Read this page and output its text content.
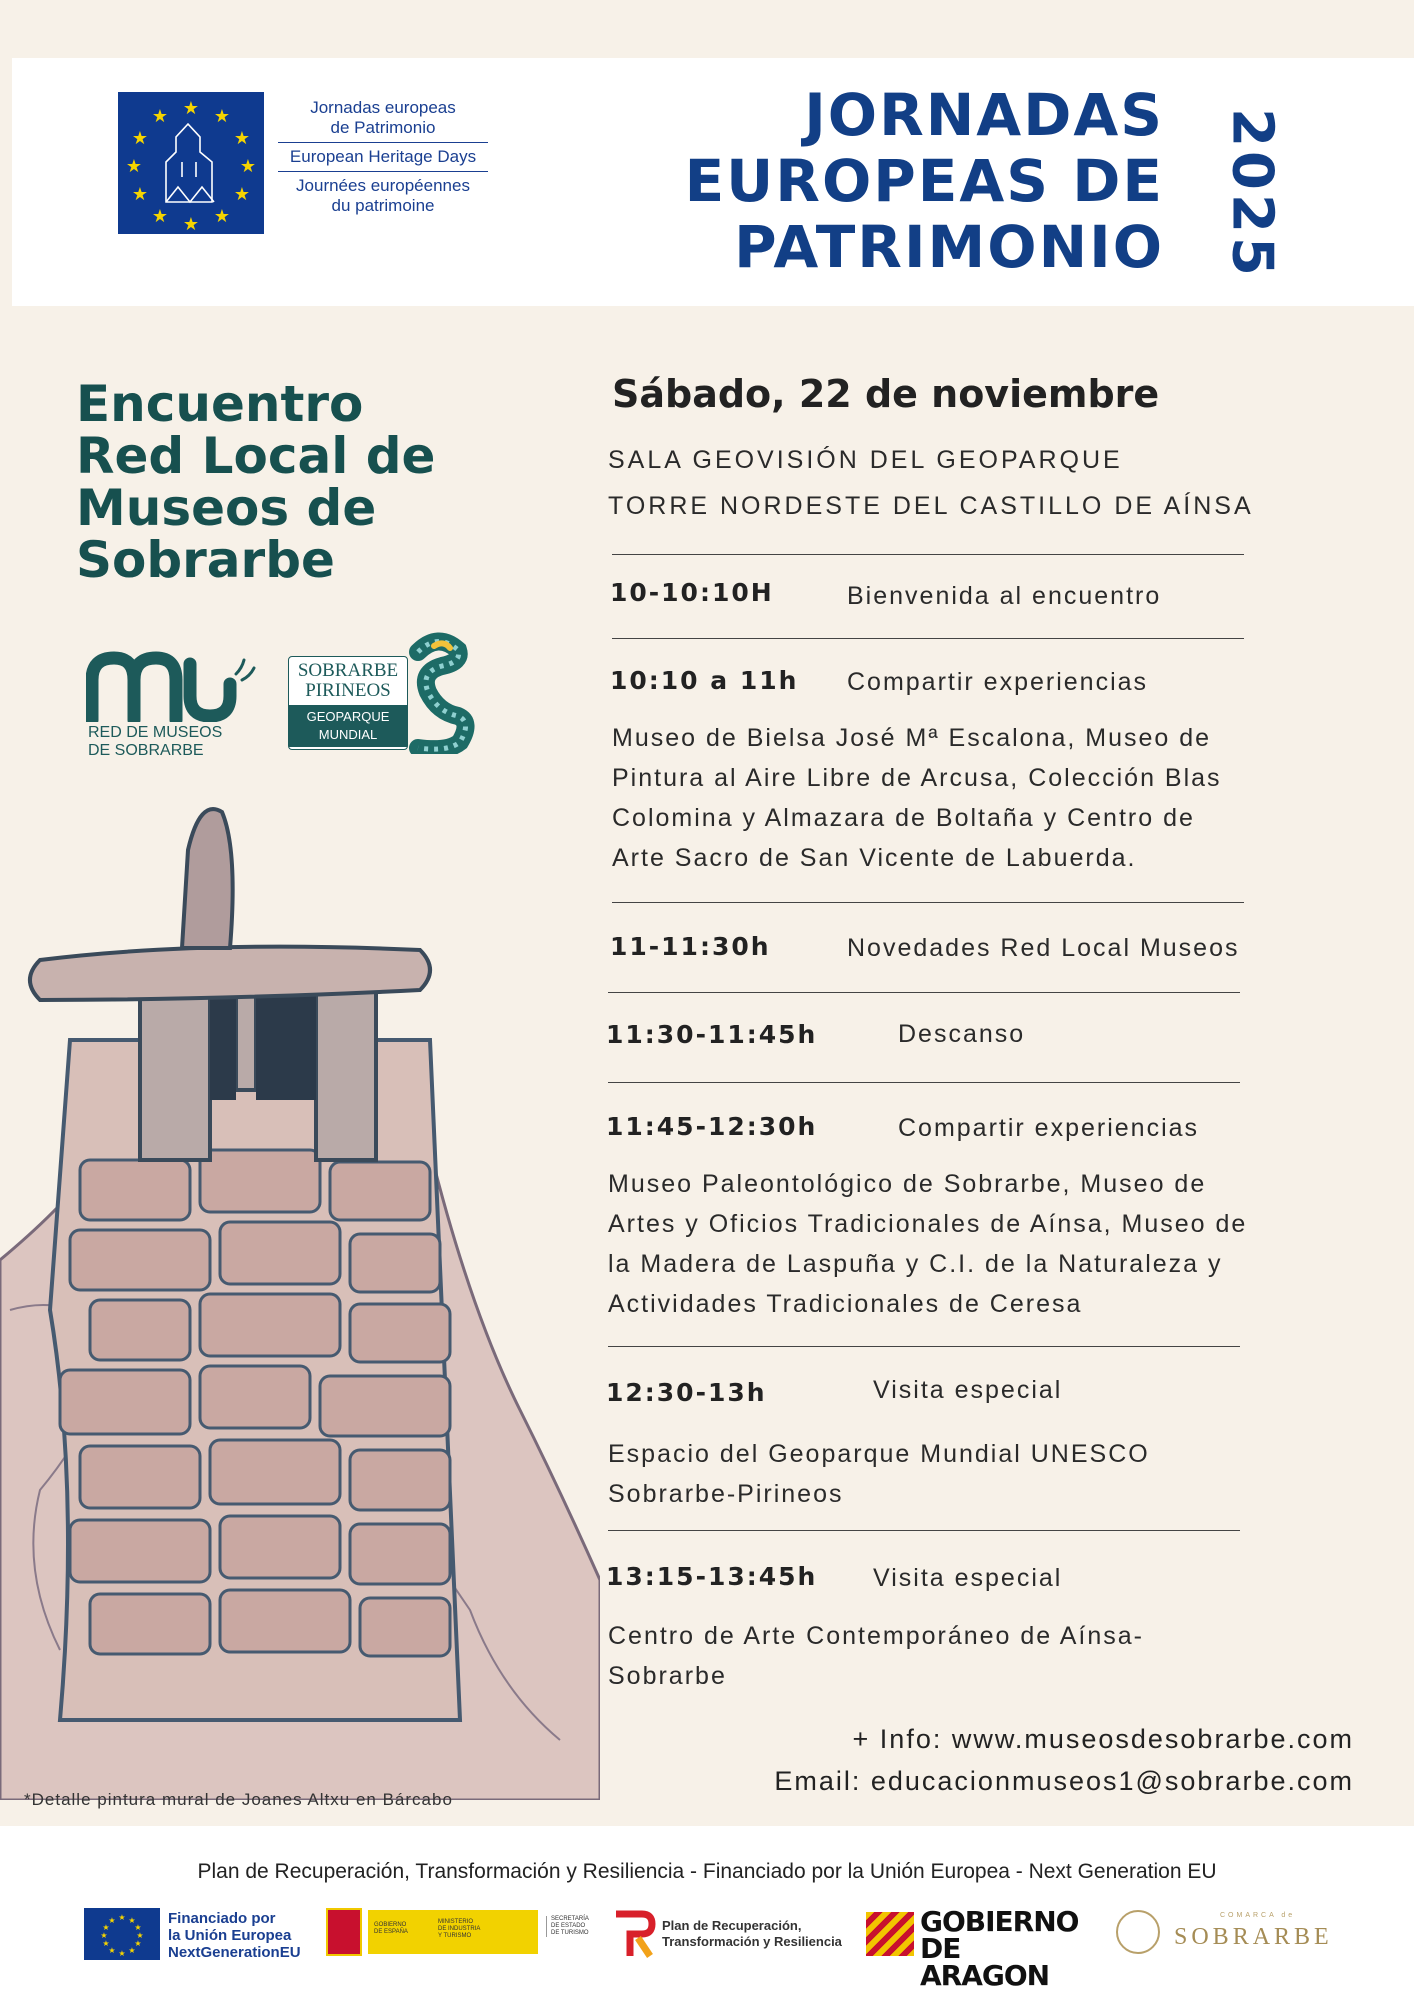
★ ★
★
★
★
★
★
★
★
★
★
★	Jornadas europeas
de Patrimonio
European Heritage Days
Journées européennes
du patrimoine
JORNADAS
EUROPEAS DE
PATRIMONIO 2025
Encuentro
Red Local de
Museos de
Sobrarbe
RED DE MUSEOS
DE SOBRARBE
SOBRARBE
PIRINEOS
GEOPARQUE
MUNDIAL
*Detalle pintura mural de Joanes Altxu en Bárcabo
Sábado, 22 de noviembre
SALA GEOVISIÓN DEL GEOPARQUE
TORRE NORDESTE DEL CASTILLO DE AÍNSA
10-10:10H	Bienvenida al encuentro
10:10 a 11h Compartir experiencias
Museo de Bielsa José Mª Escalona, Museo de
Pintura al Aire Libre de Arcusa, Colección Blas
Colomina y Almazara de Boltaña y Centro de
Arte Sacro de San Vicente de Labuerda.
11-11:30h	Novedades Red Local Museos
11:30-11:45h	Descanso
11:45-12:30h	Compartir experiencias
Museo Paleontológico de Sobrarbe, Museo de
Artes y Oficios Tradicionales de Aínsa, Museo de
la Madera de Laspuña y C.I. de la Naturaleza y
Actividades Tradicionales de Ceresa
12:30-13h	Visita especial
Espacio del Geoparque Mundial UNESCO
Sobrarbe-Pirineos
13:15-13:45h Visita especial
Centro de Arte Contemporáneo de Aínsa-
Sobrarbe
+ Info: www.museosdesobrarbe.com
Email: educacionmuseos1@sobrarbe.com
Plan de Recuperación, Transformación y Resiliencia - Financiado por la Unión Europea - Next Generation EU
★ ★
★
★
★
★
★
★
★
★
★
★	Financiado por
la Unión Europea
NextGenerationEU
GOBIERNO
DE ESPAÑA
MINISTERIO
DE INDUSTRIA
Y TURISMO
SECRETARÍA DE ESTADO
DE TURISMO	Plan de Recuperación,
Transformación y Resiliencia
GOBIERNO
DE ARAGON
COMARCA de
SOBRARBE
